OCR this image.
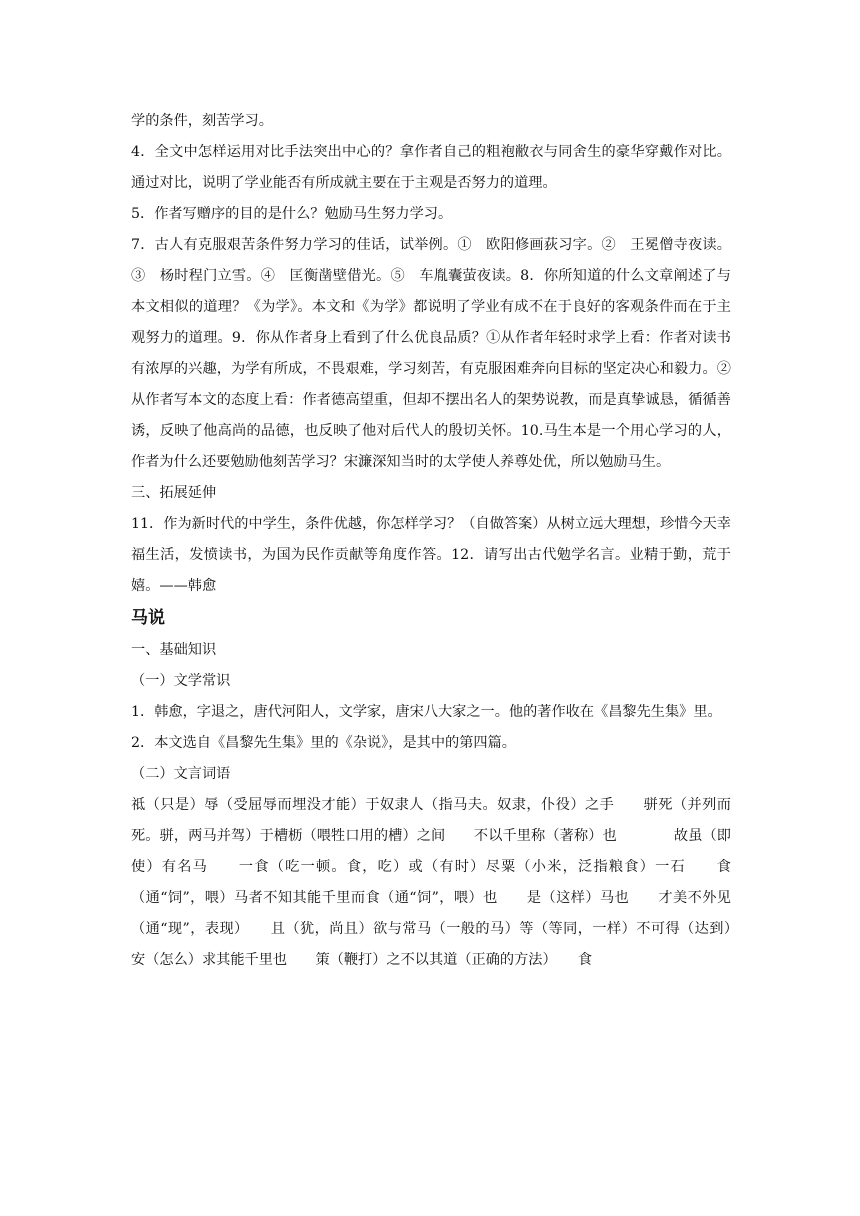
学的条件，刻苦学习。

4．全文中怎样运用对比手法突出中心的？拿作者自己的粗袍敝衣与同舍生的豪华穿戴作对比。通过对比，说明了学业能否有所成就主要在于主观是否努力的道理。

5．作者写赠序的目的是什么？勉励马生努力学习。

7．古人有克服艰苦条件努力学习的佳话，试举例。①　欧阳修画荻习字。②　王冕僧寺夜读。③　杨时程门立雪。④　匡衡凿壁借光。⑤　车胤囊萤夜读。8．你所知道的什么文章阐述了与本文相似的道理？《为学》。本文和《为学》都说明了学业有成不在于良好的客观条件而在于主观努力的道理。9．你从作者身上看到了什么优良品质？①从作者年轻时求学上看：作者对读书有浓厚的兴趣，为学有所成，不畏艰难，学习刻苦，有克服困难奔向目标的坚定决心和毅力。②从作者写本文的态度上看：作者德高望重，但却不摆出名人的架势说教，而是真挚诚恳，循循善诱，反映了他高尚的品德，也反映了他对后代人的殷切关怀。10.马生本是一个用心学习的人，作者为什么还要勉励他刻苦学习？宋濂深知当时的太学使人养尊处优，所以勉励马生。

三、拓展延伸

11．作为新时代的中学生，条件优越，你怎样学习？（自做答案）从树立远大理想，珍惜今天幸福生活，发愤读书，为国为民作贡献等角度作答。12．请写出古代勉学名言。业精于勤，荒于嬉。——韩愈

马说

一、基础知识

（一）文学常识

1．韩愈，字退之，唐代河阳人，文学家，唐宋八大家之一。他的著作收在《昌黎先生集》里。

2．本文选自《昌黎先生集》里的《杂说》，是其中的第四篇。

（二）文言词语

祗（只是）辱（受屈辱而埋没才能）于奴隶人（指马夫。奴隶，仆役）之手　　骈死（并列而死。骈，两马并驾）于槽枥（喂牲口用的槽）之间　　不以千里称（著称）也　　　　故虽（即使）有名马　　一食（吃一顿。食，吃）或（有时）尽粟（小米，泛指粮食）一石　　食（通“饲”，喂）马者不知其能千里而食（通“饲”，喂）也　　是（这样）马也　　才美不外见（通“现”，表现）　　且（犹，尚且）欲与常马（一般的马）等（等同，一样）不可得（达到）　　安（怎么）求其能千里也　　策（鞭打）之不以其道（正确的方法）　　食
